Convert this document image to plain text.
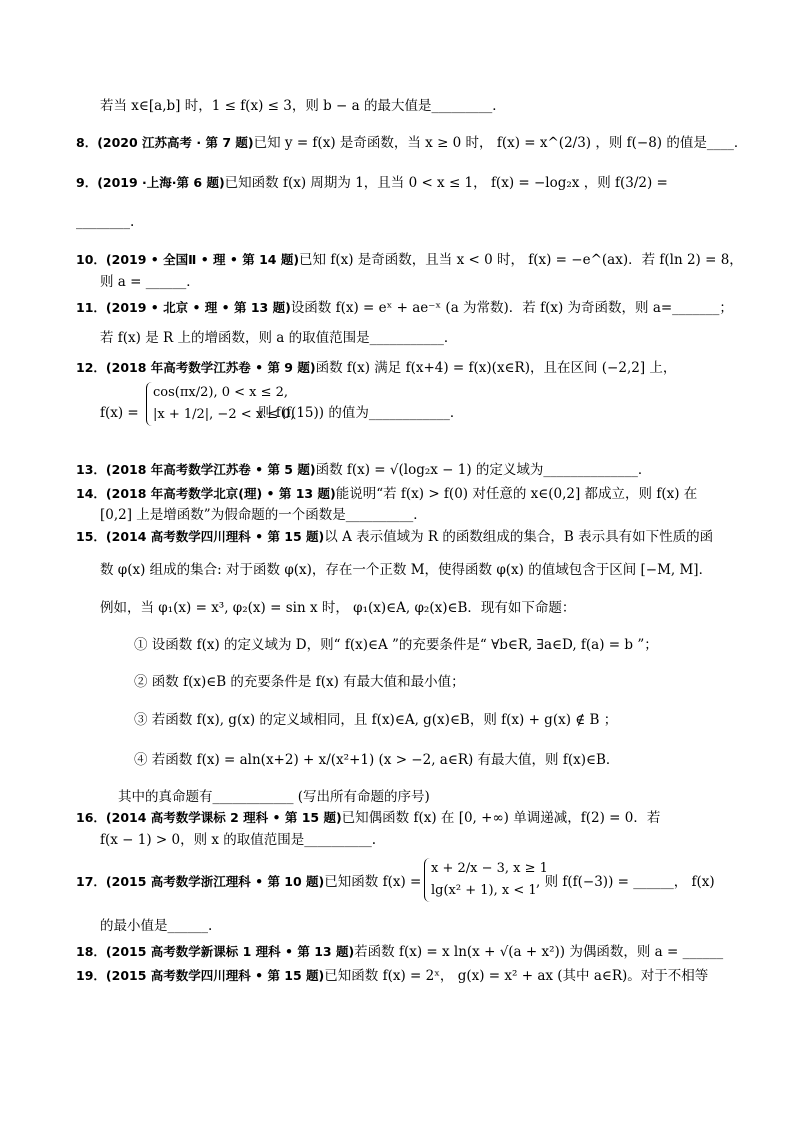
若当 x∈[a,b] 时，1 ≤ f(x) ≤ 3，则 b − a 的最大值是_________．
8．(2020 江苏高考 · 第 7 题)已知 y = f(x) 是奇函数，当 x ≥ 0 时， f(x) = x^(2/3) ，则 f(−8) 的值是____．
9．(2019 ·上海·第 6 题)已知函数 f(x) 周期为 1，且当 0 < x ≤ 1， f(x) = −log₂x ，则 f(3/2) =
________.
10．(2019 • 全国Ⅱ • 理 • 第 14 题)已知 f(x) 是奇函数，且当 x < 0 时， f(x) = −e^(ax)．若 f(ln 2) = 8，
则 a = ______．
11．(2019 • 北京 • 理 • 第 13 题)设函数 f(x) = eˣ + ae⁻ˣ (a 为常数)．若 f(x) 为奇函数，则 a=_______；
若 f(x) 是 R 上的增函数，则 a 的取值范围是___________．
12．(2018 年高考数学江苏卷 • 第 9 题)函数 f(x) 满足 f(x+4) = f(x)(x∈R)，且在区间 (−2,2] 上，
f(x) =
cos(πx/2), 0 < x ≤ 2,
|x + 1/2|, −2 < x ≤ 0,
则 f(f(15)) 的值为____________．
13．(2018 年高考数学江苏卷 • 第 5 题)函数 f(x) = √(log₂x − 1) 的定义域为______________．
14．(2018 年高考数学北京(理) • 第 13 题)能说明“若 f(x) > f(0) 对任意的 x∈(0,2] 都成立，则 f(x) 在
[0,2] 上是增函数”为假命题的一个函数是__________．
15．(2014 高考数学四川理科 • 第 15 题)以 A 表示值域为 R 的函数组成的集合，B 表示具有如下性质的函
数 φ(x) 组成的集合: 对于函数 φ(x)，存在一个正数 M，使得函数 φ(x) 的值域包含于区间 [−M, M]．
例如，当 φ₁(x) = x³, φ₂(x) = sin x 时， φ₁(x)∈A, φ₂(x)∈B．现有如下命题：
① 设函数 f(x) 的定义域为 D，则“ f(x)∈A ”的充要条件是“ ∀b∈R, ∃a∈D, f(a) = b ”；
② 函数 f(x)∈B 的充要条件是 f(x) 有最大值和最小值；
③ 若函数 f(x), g(x) 的定义域相同，且 f(x)∈A, g(x)∈B，则 f(x) + g(x) ∉ B ；
④ 若函数 f(x) = aln(x+2) + x/(x²+1) (x > −2, a∈R) 有最大值，则 f(x)∈B．
其中的真命题有____________ (写出所有命题的序号)
16．(2014 高考数学课标 2 理科 • 第 15 题)已知偶函数 f(x) 在 [0, +∞) 单调递减，f(2) = 0．若
f(x − 1) > 0，则 x 的取值范围是__________.
17．(2015 高考数学浙江理科 • 第 10 题)已知函数 f(x) =
x + 2/x − 3, x ≥ 1
lg(x² + 1), x < 1
, 则 f(f(−3)) = ______， f(x)
的最小值是______.
18．(2015 高考数学新课标 1 理科 • 第 13 题)若函数 f(x) = x ln(x + √(a + x²)) 为偶函数，则 a = ______
19．(2015 高考数学四川理科 • 第 15 题)已知函数 f(x) = 2ˣ， g(x) = x² + ax (其中 a∈R)。对于不相等
